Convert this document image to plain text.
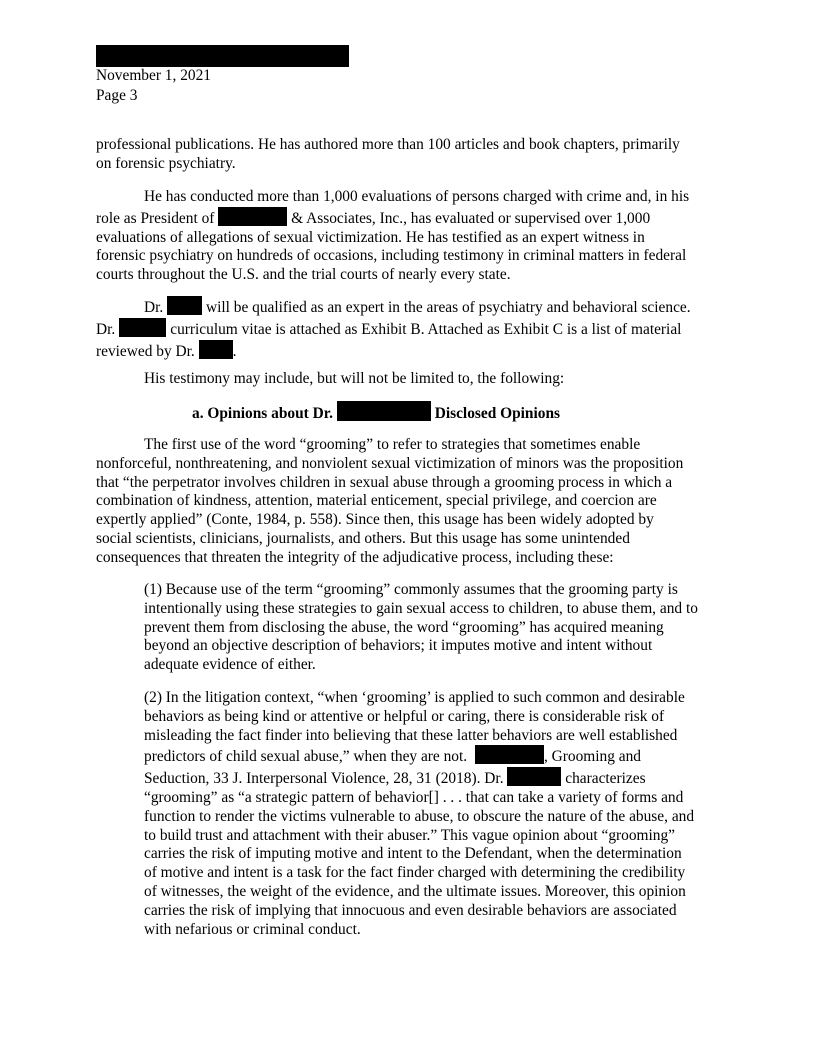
November 1, 2021
Page 3
professional publications. He has authored more than 100 articles and book chapters, primarily
on forensic psychiatry.
He has conducted more than 1,000 evaluations of persons charged with crime and, in his
role as President of	& Associates, Inc., has evaluated or supervised over 1,000
evaluations of allegations of sexual victimization. He has testified as an expert witness in
forensic psychiatry on hundreds of occasions, including testimony in criminal matters in federal
courts throughout the U.S. and the trial courts of nearly every state.
Dr.	will be qualified as an expert in the areas of psychiatry and behavioral science.
Dr.	curriculum vitae is attached as Exhibit B. Attached as Exhibit C is a list of material
reviewed by Dr. .
His testimony may include, but will not be limited to, the following:
a. Opinions about Dr.	Disclosed Opinions
The first use of the word “grooming” to refer to strategies that sometimes enable
nonforceful, nonthreatening, and nonviolent sexual victimization of minors was the proposition
that “the perpetrator involves children in sexual abuse through a grooming process in which a
combination of kindness, attention, material enticement, special privilege, and coercion are
expertly applied” (Conte, 1984, p. 558). Since then, this usage has been widely adopted by
social scientists, clinicians, journalists, and others. But this usage has some unintended
consequences that threaten the integrity of the adjudicative process, including these:
(1) Because use of the term “grooming” commonly assumes that the grooming party is
intentionally using these strategies to gain sexual access to children, to abuse them, and to
prevent them from disclosing the abuse, the word “grooming” has acquired meaning
beyond an objective description of behaviors; it imputes motive and intent without
adequate evidence of either.
(2) In the litigation context, “when ‘grooming’ is applied to such common and desirable
behaviors as being kind or attentive or helpful or caring, there is considerable risk of
misleading the fact finder into believing that these latter behaviors are well established
predictors of child sexual abuse,” when they are not.	, Grooming and
Seduction, 33 J. Interpersonal Violence, 28, 31 (2018). Dr.	characterizes
“grooming” as “a strategic pattern of behavior[] . . . that can take a variety of forms and
function to render the victims vulnerable to abuse, to obscure the nature of the abuse, and
to build trust and attachment with their abuser.” This vague opinion about “grooming”
carries the risk of imputing motive and intent to the Defendant, when the determination
of motive and intent is a task for the fact finder charged with determining the credibility
of witnesses, the weight of the evidence, and the ultimate issues. Moreover, this opinion
carries the risk of implying that innocuous and even desirable behaviors are associated
with nefarious or criminal conduct.
